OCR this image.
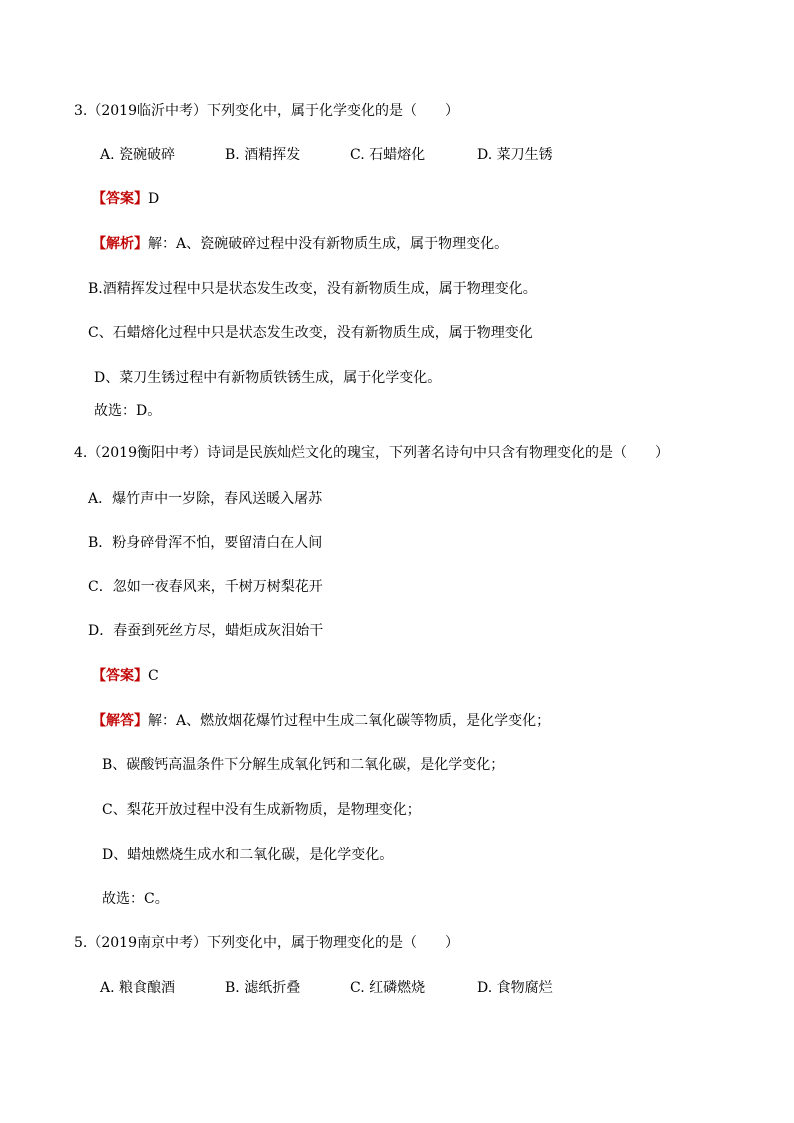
3.（2019临沂中考）下列变化中，属于化学变化的是（　　）
A. 瓷碗破碎	B. 酒精挥发	C. 石蜡熔化	D. 菜刀生锈
【答案】D
【解析】解：A、瓷碗破碎过程中没有新物质生成，属于物理变化。
B.酒精挥发过程中只是状态发生改变，没有新物质生成，属于物理变化。
C、石蜡熔化过程中只是状态发生改变，没有新物质生成，属于物理变化
D、菜刀生锈过程中有新物质铁锈生成，属于化学变化。
故选：D。
4.（2019衡阳中考）诗词是民族灿烂文化的瑰宝，下列著名诗句中只含有物理变化的是（　　）
A．爆竹声中一岁除，春风送暖入屠苏
B．粉身碎骨浑不怕，要留清白在人间
C．忽如一夜春风来，千树万树梨花开
D．春蚕到死丝方尽，蜡炬成灰泪始干
【答案】C
【解答】解：A、燃放烟花爆竹过程中生成二氧化碳等物质，是化学变化；
B、碳酸钙高温条件下分解生成氧化钙和二氧化碳，是化学变化；
C、梨花开放过程中没有生成新物质，是物理变化；
D、蜡烛燃烧生成水和二氧化碳，是化学变化。
故选：C。
5.（2019南京中考）下列变化中，属于物理变化的是（　　）
A. 粮食酿酒	B. 滤纸折叠	C. 红磷燃烧	D. 食物腐烂
